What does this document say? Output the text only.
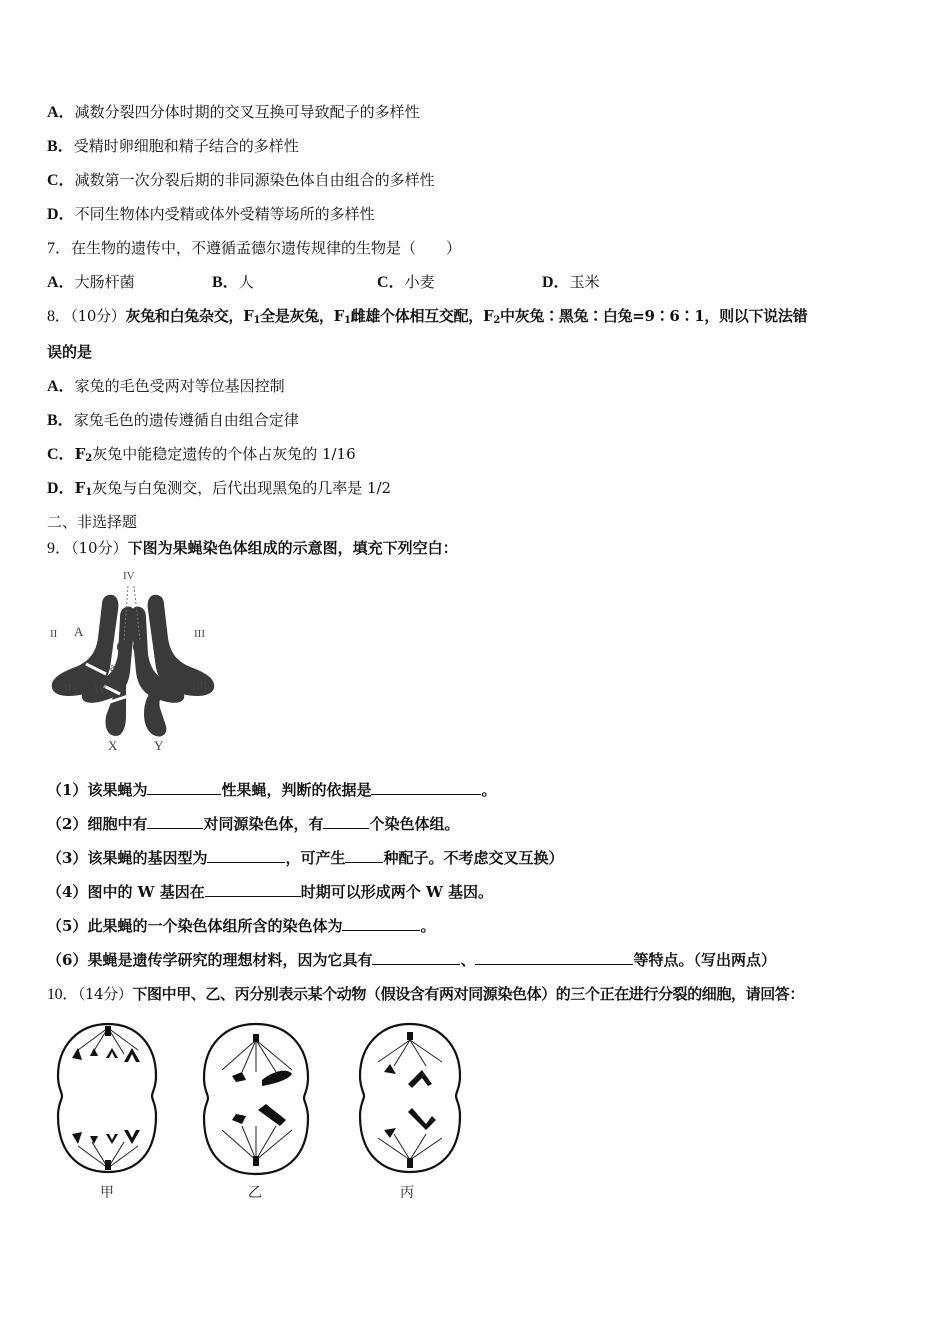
A．减数分裂四分体时期的交叉互换可导致配子的多样性
B．受精时卵细胞和精子结合的多样性
C．减数第一次分裂后期的非同源染色体自由组合的多样性
D．不同生物体内受精或体外受精等场所的多样性
7．在生物的遗传中，不遵循孟德尔遗传规律的生物是（　　）
A．大肠杆菌	B．人	C．小麦	D．玉米
8．（10分）灰兔和白兔杂交，$F_1$全是灰兔，$F_1$雌雄个体相互交配，$F_2$中灰兔∶黑兔∶白兔=9∶6∶1，则以下说法错
误的是
A．家兔的毛色受两对等位基因控制
B．家兔毛色的遗传遵循自由组合定律
C．$F_2$灰兔中能稳定遗传的个体占灰兔的 1/16
D．$F_1$灰兔与白兔测交，后代出现黑兔的几率是 1/2
二、非选择题
9．（10分）下图为果蝇染色体组成的示意图，填充下列空白：
IV
II A	III
a
II W	III
X	Y
（1）该果蝇为	性果蝇，判断的依据是	。
（2）细胞中有	对同源染色体，有	个染色体组。
（3）该果蝇的基因型为	，可产生	种配子。不考虑交叉互换）
（4）图中的 W 基因在	时期可以形成两个 W 基因。
（5）此果蝇的一个染色体组所含的染色体为	。
（6）果蝇是遗传学研究的理想材料，因为它具有	、	等特点。（写出两点）
10．（14分）下图中甲、乙、丙分别表示某个动物（假设含有两对同源染色体）的三个正在进行分裂的细胞，请回答：
甲	乙	丙
